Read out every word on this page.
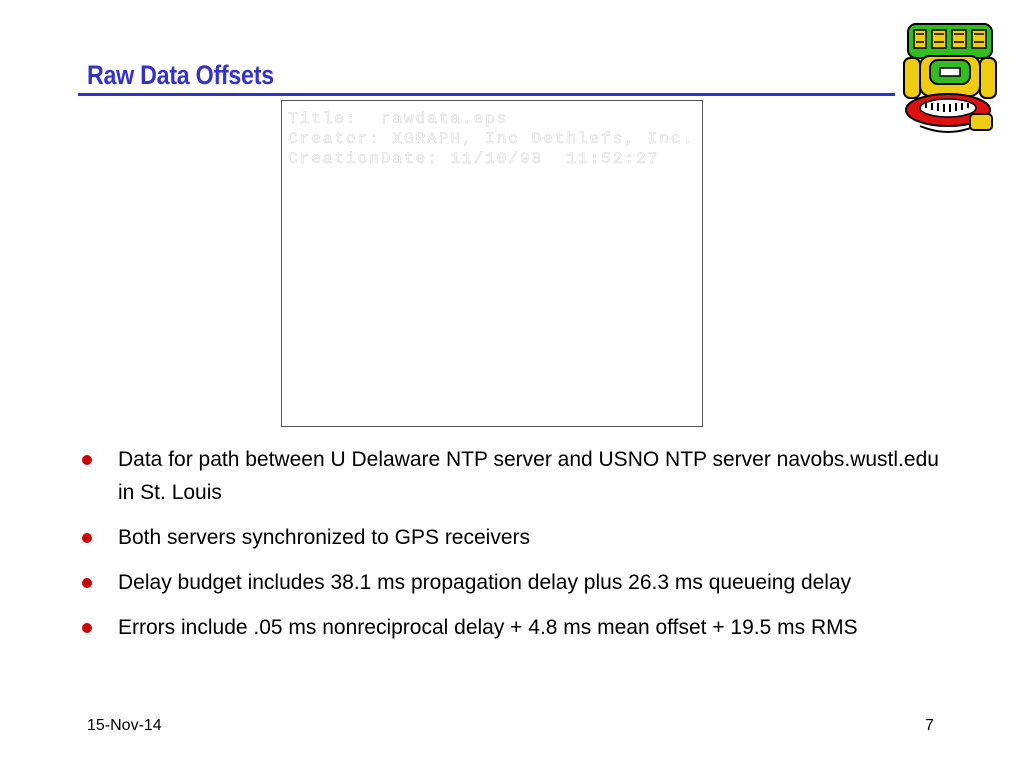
Raw Data Offsets
Title:  rawdata.eps
Creator: XGRAPH, Inc Dethlefs, Inc.
CreationDate: 11/10/98  11:52:27
Data for path between U Delaware NTP server and USNO NTP server navobs.wustl.edu in St. Louis
Both servers synchronized to GPS receivers
Delay budget includes 38.1 ms propagation delay plus 26.3 ms queueing delay
Errors include .05 ms nonreciprocal delay + 4.8 ms mean offset + 19.5 ms RMS
15-Nov-14	7
